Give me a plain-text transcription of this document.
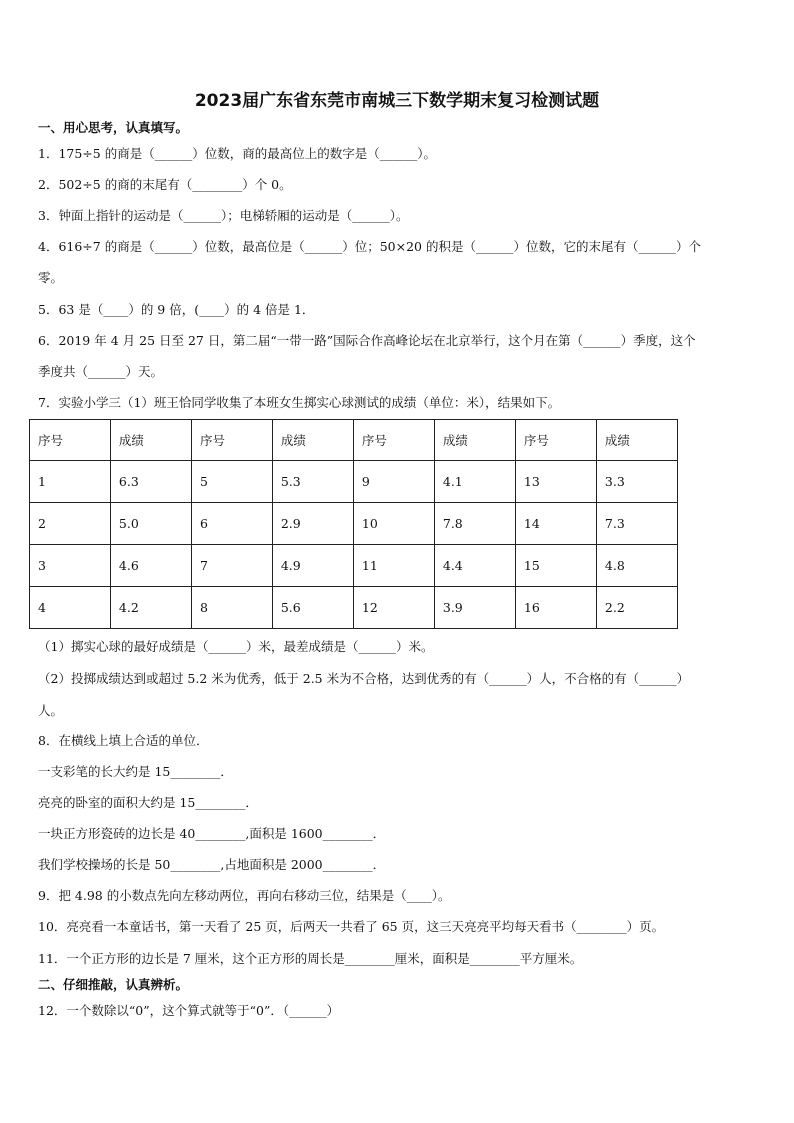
2023届广东省东莞市南城三下数学期末复习检测试题
一、用心思考，认真填写。
1．175÷5 的商是（______）位数，商的最高位上的数字是（______）。
2．502÷5 的商的末尾有（________）个 0。
3．钟面上指针的运动是（______）；电梯轿厢的运动是（______）。
4．616÷7 的商是（______）位数，最高位是（______）位；50×20 的积是（______）位数，它的末尾有（______）个
零。
5．63 是（____）的 9 倍，(____）的 4 倍是 1．
6．2019 年 4 月 25 日至 27 日，第二届“一带一路”国际合作高峰论坛在北京举行，这个月在第（______）季度，这个
季度共（______）天。
7．实验小学三（1）班王恰同学收集了本班女生掷实心球测试的成绩（单位：米），结果如下。
序号	成绩	序号	成绩	序号	成绩	序号	成绩
1	6.3	5	5.3	9	4.1	13	3.3
2	5.0	6	2.9	10	7.8	14	7.3
3	4.6	7	4.9	11	4.4	15	4.8
4	4.2	8	5.6	12	3.9	16	2.2
（1）掷实心球的最好成绩是（______）米，最差成绩是（______）米。
（2）投掷成绩达到或超过 5.2 米为优秀，低于 2.5 米为不合格，达到优秀的有（______）人，不合格的有（______）
人。
8．在横线上填上合适的单位．
一支彩笔的长大约是 15________．
亮亮的卧室的面积大约是 15________．
一块正方形瓷砖的边长是 40________,面积是 1600________．
我们学校操场的长是 50________,占地面积是 2000________．
9．把 4.98 的小数点先向左移动两位，再向右移动三位，结果是（____）。
10．亮亮看一本童话书，第一天看了 25 页，后两天一共看了 65 页，这三天亮亮平均每天看书（________）页。
11．一个正方形的边长是 7 厘米，这个正方形的周长是________厘米，面积是________平方厘米。
二、仔细推敲，认真辨析。
12．一个数除以“0”，这个算式就等于“0”．（______）
